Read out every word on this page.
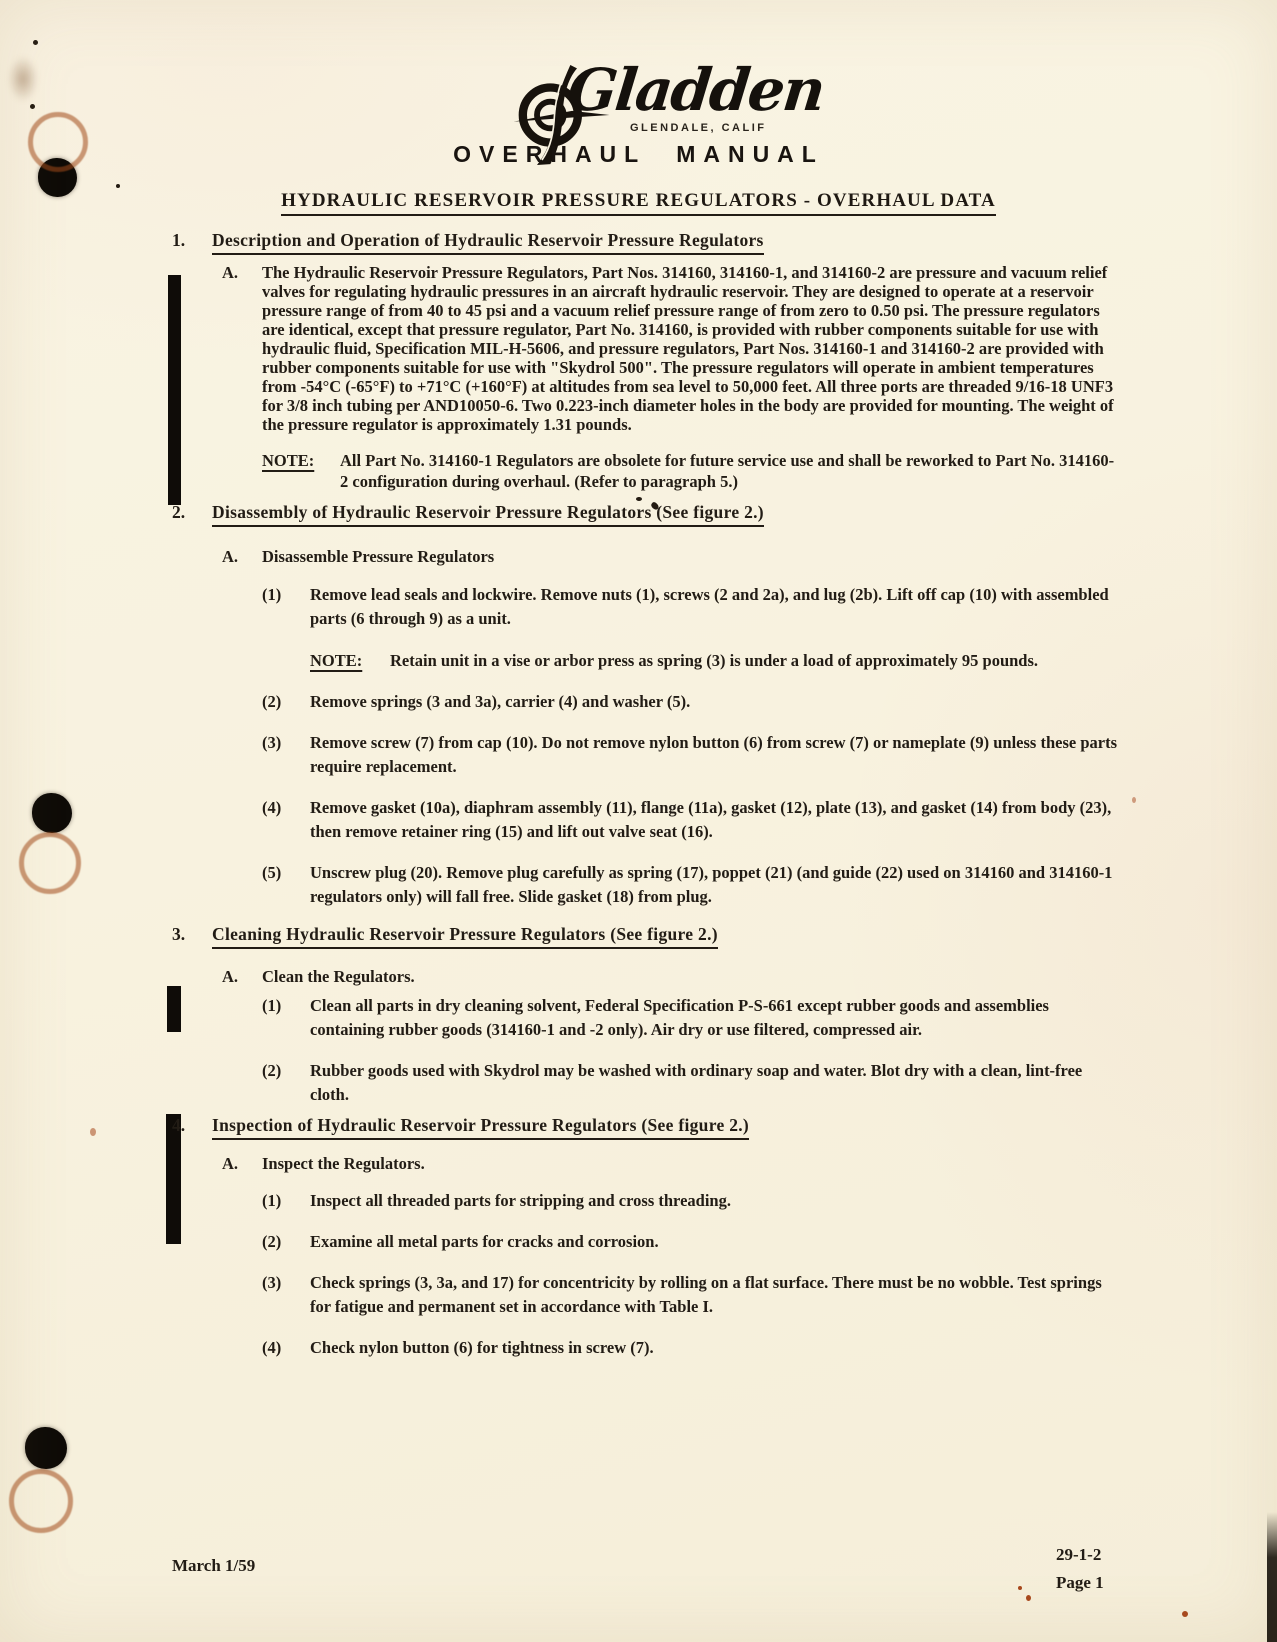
Gladden
GLENDALE, CALIF
OVERHAUL MANUAL
HYDRAULIC RESERVOIR PRESSURE REGULATORS - OVERHAUL DATA
1.	Description and Operation of Hydraulic Reservoir Pressure Regulators
A.	The Hydraulic Reservoir Pressure Regulators, Part Nos. 314160, 314160-1, and 314160-2 are pressure and vacuum relief valves for regulating hydraulic pressures in an aircraft hydraulic reservoir. They are designed to operate at a reservoir pressure range of from 40 to 45 psi and a vacuum relief pressure range of from zero to 0.50 psi. The pressure regulators are identical, except that pressure regulator, Part No. 314160, is provided with rubber components suitable for use with hydraulic fluid, Specification MIL-H-5606, and pressure regulators, Part Nos. 314160-1 and 314160-2 are provided with rubber components suitable for use with "Skydrol 500". The pressure regulators will operate in ambient temperatures from -54°C (-65°F) to +71°C (+160°F) at altitudes from sea level to 50,000 feet. All three ports are threaded 9/16-18 UNF3 for 3/8 inch tubing per AND10050-6. Two 0.223-inch diameter holes in the body are provided for mounting. The weight of the pressure regulator is approximately 1.31 pounds.
NOTE:	All Part No. 314160-1 Regulators are obsolete for future service use and shall be reworked to Part No. 314160-2 configuration during overhaul. (Refer to paragraph 5.)
2.	Disassembly of Hydraulic Reservoir Pressure Regulators (See figure 2.)
A.	Disassemble Pressure Regulators
(1)	Remove lead seals and lockwire. Remove nuts (1), screws (2 and 2a), and lug (2b). Lift off cap (10) with assembled parts (6 through 9) as a unit.
NOTE:	Retain unit in a vise or arbor press as spring (3) is under a load of approximately 95 pounds.
(2)	Remove springs (3 and 3a), carrier (4) and washer (5).
(3)	Remove screw (7) from cap (10). Do not remove nylon button (6) from screw (7) or nameplate (9) unless these parts require replacement.
(4)	Remove gasket (10a), diaphram assembly (11), flange (11a), gasket (12), plate (13), and gasket (14) from body (23), then remove retainer ring (15) and lift out valve seat (16).
(5)	Unscrew plug (20). Remove plug carefully as spring (17), poppet (21) (and guide (22) used on 314160 and 314160-1 regulators only) will fall free. Slide gasket (18) from plug.
3.	Cleaning Hydraulic Reservoir Pressure Regulators (See figure 2.)
A.	Clean the Regulators.
(1)	Clean all parts in dry cleaning solvent, Federal Specification P-S-661 except rubber goods and assemblies containing rubber goods (314160-1 and -2 only). Air dry or use filtered, compressed air.
(2)	Rubber goods used with Skydrol may be washed with ordinary soap and water. Blot dry with a clean, lint-free cloth.
4.	Inspection of Hydraulic Reservoir Pressure Regulators (See figure 2.)
A.	Inspect the Regulators.
(1)	Inspect all threaded parts for stripping and cross threading.
(2)	Examine all metal parts for cracks and corrosion.
(3)	Check springs (3, 3a, and 17) for concentricity by rolling on a flat surface. There must be no wobble. Test springs for fatigue and permanent set in accordance with Table I.
(4)	Check nylon button (6) for tightness in screw (7).
March 1/59
29-1-2
Page 1
